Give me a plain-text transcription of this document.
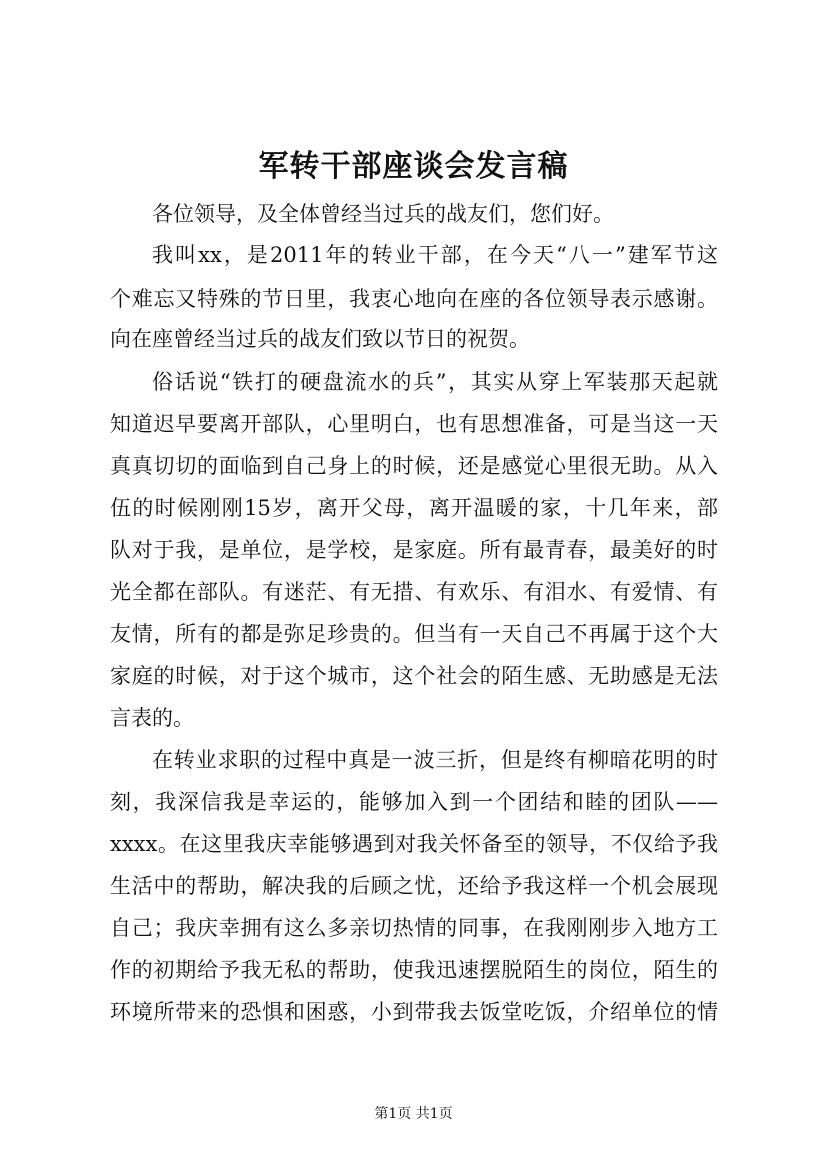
军转干部座谈会发言稿

各位领导，及全体曾经当过兵的战友们，您们好。

我叫xx，是2011年的转业干部，在今天“八一”建军节这

个难忘又特殊的节日里，我衷心地向在座的各位领导表示感谢。

向在座曾经当过兵的战友们致以节日的祝贺。

俗话说“铁打的硬盘流水的兵”，其实从穿上军装那天起就

知道迟早要离开部队，心里明白，也有思想准备，可是当这一天

真真切切的面临到自己身上的时候，还是感觉心里很无助。从入

伍的时候刚刚15岁，离开父母，离开温暖的家，十几年来，部

队对于我，是单位，是学校，是家庭。所有最青春，最美好的时

光全都在部队。有迷茫、有无措、有欢乐、有泪水、有爱情、有

友情，所有的都是弥足珍贵的。但当有一天自己不再属于这个大

家庭的时候，对于这个城市，这个社会的陌生感、无助感是无法

言表的。

在转业求职的过程中真是一波三折，但是终有柳暗花明的时

刻，我深信我是幸运的，能够加入到一个团结和睦的团队——

xxxx。在这里我庆幸能够遇到对我关怀备至的领导，不仅给予我

生活中的帮助，解决我的后顾之忧，还给予我这样一个机会展现

自己；我庆幸拥有这么多亲切热情的同事，在我刚刚步入地方工

作的初期给予我无私的帮助，使我迅速摆脱陌生的岗位，陌生的

环境所带来的恐惧和困惑，小到带我去饭堂吃饭，介绍单位的情

第1页 共1页
